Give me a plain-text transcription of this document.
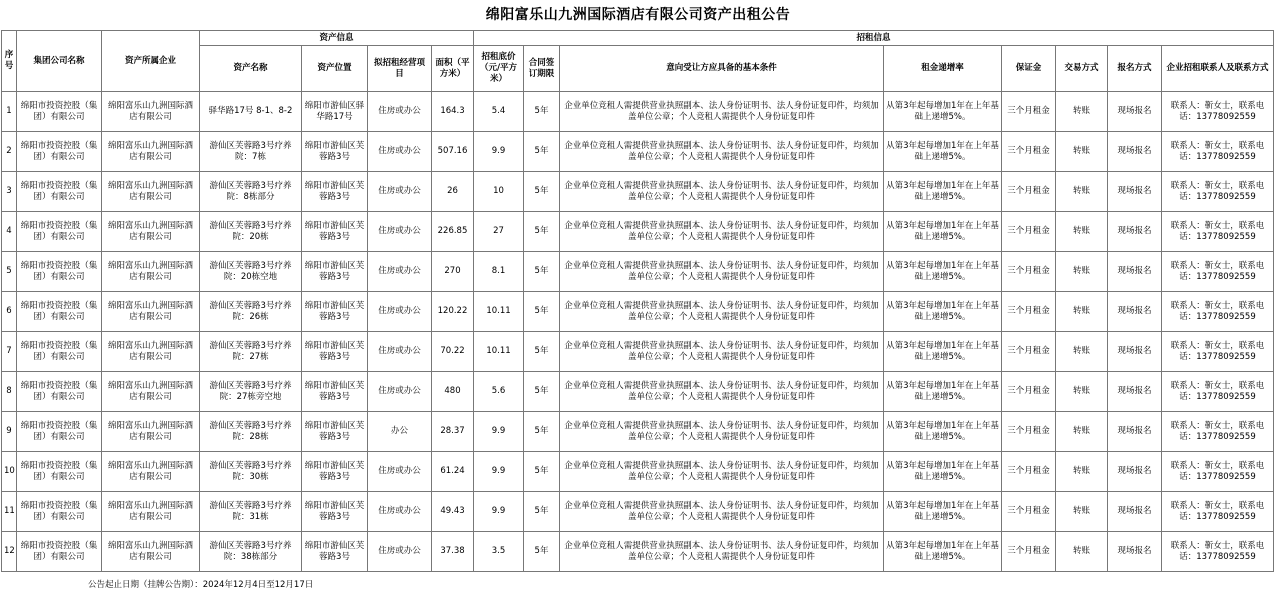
绵阳富乐山九洲国际酒店有限公司资产出租公告
序号	集团公司名称	资产所属企业	资产信息				招租信息							
			资产名称	资产位置	拟招租经营项目	面积（平方米）	招租底价（元/平方米）	合同签订期限	意向受让方应具备的基本条件	租金递增率	保证金	交易方式	报名方式	企业招租联系人及联系方式
1	绵阳市投资控股（集团）有限公司	绵阳富乐山九洲国际酒店有限公司	驿华路17号 8-1、8-2	绵阳市游仙区驿华路17号	住房或办公	164.3	5.4	5年	企业单位竞租人需提供营业执照副本、法人身份证明书、法人身份证复印件，均须加盖单位公章；个人竞租人需提供个人身份证复印件	从第3年起每增加1年在上年基础上递增5%。	三个月租金	转账	现场报名	联系人：靳女士，联系电话：13778092559
2	绵阳市投资控股（集团）有限公司	绵阳富乐山九洲国际酒店有限公司	游仙区芙蓉路3号疗养院：7栋	绵阳市游仙区芙蓉路3号	住房或办公	507.16	9.9	5年	企业单位竞租人需提供营业执照副本、法人身份证明书、法人身份证复印件，均须加盖单位公章；个人竞租人需提供个人身份证复印件	从第3年起每增加1年在上年基础上递增5%。	三个月租金	转账	现场报名	联系人：靳女士，联系电话：13778092559
3	绵阳市投资控股（集团）有限公司	绵阳富乐山九洲国际酒店有限公司	游仙区芙蓉路3号疗养院：8栋部分	绵阳市游仙区芙蓉路3号	住房或办公	26	10	5年	企业单位竞租人需提供营业执照副本、法人身份证明书、法人身份证复印件，均须加盖单位公章；个人竞租人需提供个人身份证复印件	从第3年起每增加1年在上年基础上递增5%。	三个月租金	转账	现场报名	联系人：靳女士，联系电话：13778092559
4	绵阳市投资控股（集团）有限公司	绵阳富乐山九洲国际酒店有限公司	游仙区芙蓉路3号疗养院：20栋	绵阳市游仙区芙蓉路3号	住房或办公	226.85	27	5年	企业单位竞租人需提供营业执照副本、法人身份证明书、法人身份证复印件，均须加盖单位公章；个人竞租人需提供个人身份证复印件	从第3年起每增加1年在上年基础上递增5%。	三个月租金	转账	现场报名	联系人：靳女士，联系电话：13778092559
5	绵阳市投资控股（集团）有限公司	绵阳富乐山九洲国际酒店有限公司	游仙区芙蓉路3号疗养院：20栋空地	绵阳市游仙区芙蓉路3号	住房或办公	270	8.1	5年	企业单位竞租人需提供营业执照副本、法人身份证明书、法人身份证复印件，均须加盖单位公章；个人竞租人需提供个人身份证复印件	从第3年起每增加1年在上年基础上递增5%。	三个月租金	转账	现场报名	联系人：靳女士，联系电话：13778092559
6	绵阳市投资控股（集团）有限公司	绵阳富乐山九洲国际酒店有限公司	游仙区芙蓉路3号疗养院：26栋	绵阳市游仙区芙蓉路3号	住房或办公	120.22	10.11	5年	企业单位竞租人需提供营业执照副本、法人身份证明书、法人身份证复印件，均须加盖单位公章；个人竞租人需提供个人身份证复印件	从第3年起每增加1年在上年基础上递增5%。	三个月租金	转账	现场报名	联系人：靳女士，联系电话：13778092559
7	绵阳市投资控股（集团）有限公司	绵阳富乐山九洲国际酒店有限公司	游仙区芙蓉路3号疗养院：27栋	绵阳市游仙区芙蓉路3号	住房或办公	70.22	10.11	5年	企业单位竞租人需提供营业执照副本、法人身份证明书、法人身份证复印件，均须加盖单位公章；个人竞租人需提供个人身份证复印件	从第3年起每增加1年在上年基础上递增5%。	三个月租金	转账	现场报名	联系人：靳女士，联系电话：13778092559
8	绵阳市投资控股（集团）有限公司	绵阳富乐山九洲国际酒店有限公司	游仙区芙蓉路3号疗养院：27栋旁空地	绵阳市游仙区芙蓉路3号	住房或办公	480	5.6	5年	企业单位竞租人需提供营业执照副本、法人身份证明书、法人身份证复印件，均须加盖单位公章；个人竞租人需提供个人身份证复印件	从第3年起每增加1年在上年基础上递增5%。	三个月租金	转账	现场报名	联系人：靳女士，联系电话：13778092559
9	绵阳市投资控股（集团）有限公司	绵阳富乐山九洲国际酒店有限公司	游仙区芙蓉路3号疗养院：28栋	绵阳市游仙区芙蓉路3号	办公	28.37	9.9	5年	企业单位竞租人需提供营业执照副本、法人身份证明书、法人身份证复印件，均须加盖单位公章；个人竞租人需提供个人身份证复印件	从第3年起每增加1年在上年基础上递增5%。	三个月租金	转账	现场报名	联系人：靳女士，联系电话：13778092559
10	绵阳市投资控股（集团）有限公司	绵阳富乐山九洲国际酒店有限公司	游仙区芙蓉路3号疗养院：30栋	绵阳市游仙区芙蓉路3号	住房或办公	61.24	9.9	5年	企业单位竞租人需提供营业执照副本、法人身份证明书、法人身份证复印件，均须加盖单位公章；个人竞租人需提供个人身份证复印件	从第3年起每增加1年在上年基础上递增5%。	三个月租金	转账	现场报名	联系人：靳女士，联系电话：13778092559
11	绵阳市投资控股（集团）有限公司	绵阳富乐山九洲国际酒店有限公司	游仙区芙蓉路3号疗养院：31栋	绵阳市游仙区芙蓉路3号	住房或办公	49.43	9.9	5年	企业单位竞租人需提供营业执照副本、法人身份证明书、法人身份证复印件，均须加盖单位公章；个人竞租人需提供个人身份证复印件	从第3年起每增加1年在上年基础上递增5%。	三个月租金	转账	现场报名	联系人：靳女士，联系电话：13778092559
12	绵阳市投资控股（集团）有限公司	绵阳富乐山九洲国际酒店有限公司	游仙区芙蓉路3号疗养院：38栋部分	绵阳市游仙区芙蓉路3号	住房或办公	37.38	3.5	5年	企业单位竞租人需提供营业执照副本、法人身份证明书、法人身份证复印件，均须加盖单位公章；个人竞租人需提供个人身份证复印件	从第3年起每增加1年在上年基础上递增5%。	三个月租金	转账	现场报名	联系人：靳女士，联系电话：13778092559
公告起止日期（挂牌公告期）：2024年12月4日至12月17日
